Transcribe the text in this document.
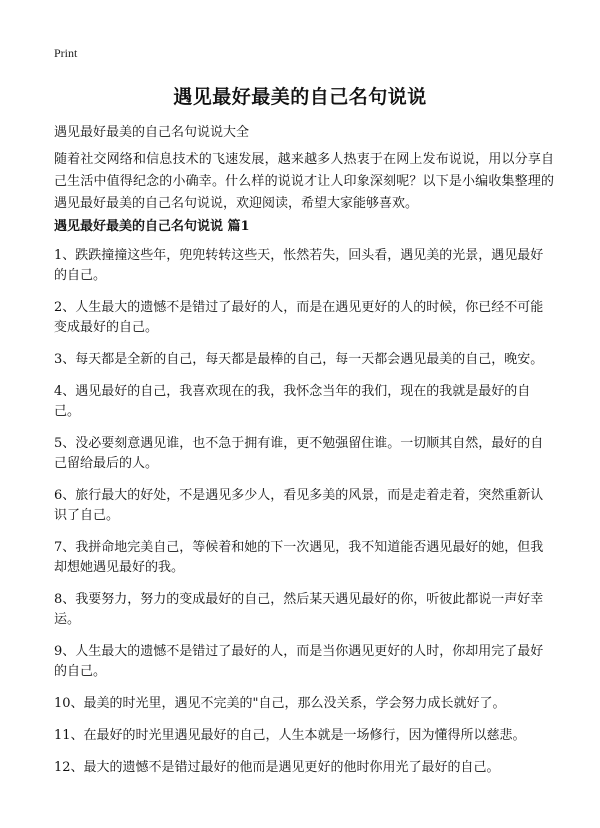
Print
遇见最好最美的自己名句说说
遇见最好最美的自己名句说说大全
随着社交网络和信息技术的飞速发展，越来越多人热衷于在网上发布说说，用以分享自己生活中值得纪念的小确幸。什么样的说说才让人印象深刻呢？以下是小编收集整理的遇见最好最美的自己名句说说，欢迎阅读，希望大家能够喜欢。
遇见最好最美的自己名句说说 篇1
1、跌跌撞撞这些年，兜兜转转这些天，怅然若失，回头看，遇见美的光景，遇见最好的自己。
2、人生最大的遗憾不是错过了最好的人，而是在遇见更好的人的时候，你已经不可能变成最好的自己。
3、每天都是全新的自己，每天都是最棒的自己，每一天都会遇见最美的自己，晚安。
4、遇见最好的自己，我喜欢现在的我，我怀念当年的我们，现在的我就是最好的自己。
5、没必要刻意遇见谁，也不急于拥有谁，更不勉强留住谁。一切顺其自然，最好的自己留给最后的人。
6、旅行最大的好处，不是遇见多少人，看见多美的风景，而是走着走着，突然重新认识了自己。
7、我拼命地完美自己，等候着和她的下一次遇见，我不知道能否遇见最好的她，但我却想她遇见最好的我。
8、我要努力，努力的变成最好的自己，然后某天遇见最好的你，听彼此都说一声好幸运。
9、人生最大的遗憾不是错过了最好的人，而是当你遇见更好的人时，你却用完了最好的自己。
10、最美的时光里，遇见不完美的"自己，那么没关系，学会努力成长就好了。
11、在最好的时光里遇见最好的自己，人生本就是一场修行，因为懂得所以慈悲。
12、最大的遗憾不是错过最好的他而是遇见更好的他时你用光了最好的自己。
